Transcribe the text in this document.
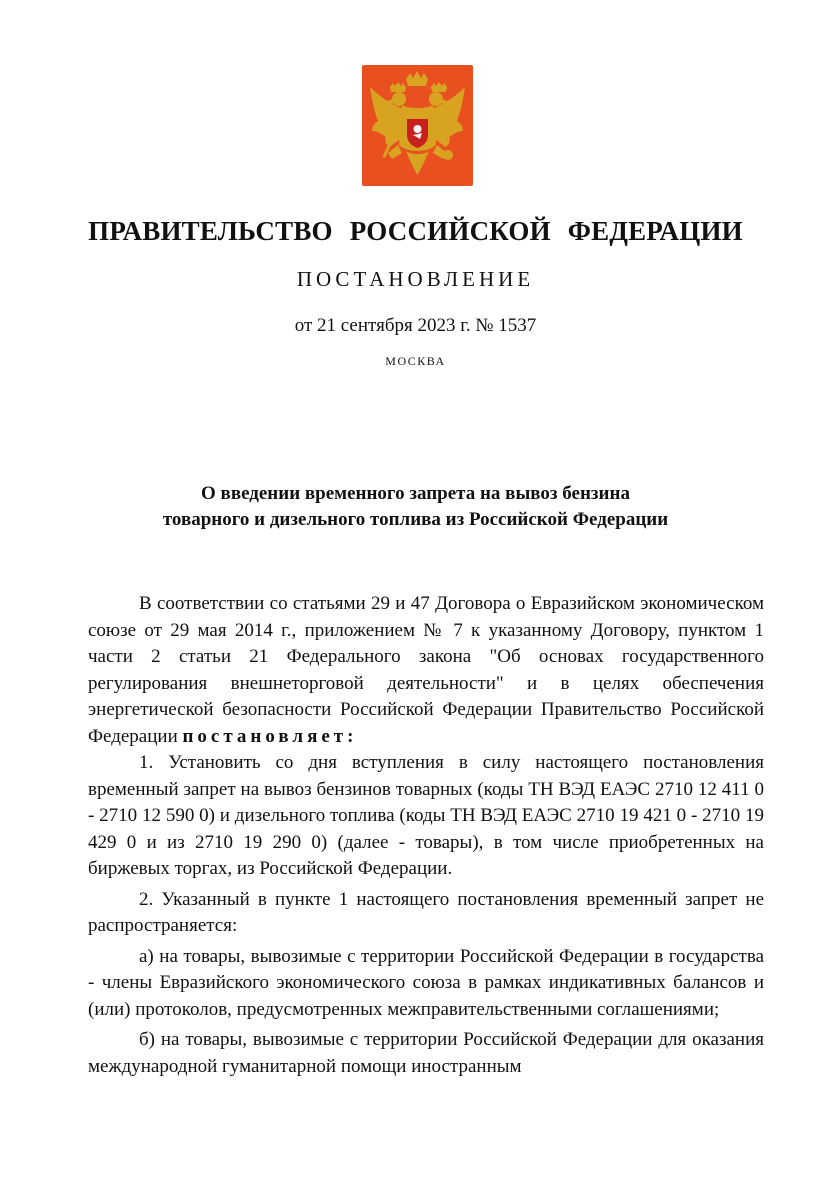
ПРАВИТЕЛЬСТВО РОССИЙСКОЙ ФЕДЕРАЦИИ
ПОСТАНОВЛЕНИЕ
от 21 сентября 2023 г. № 1537
МОСКВА
О введении временного запрета на вывоз бензина
товарного и дизельного топлива из Российской Федерации

В соответствии со статьями 29 и 47 Договора о Евразийском экономическом союзе от 29 мая 2014 г., приложением № 7 к указанному Договору, пунктом 1 части 2 статьи 21 Федерального закона "Об основах государственного регулирования внешнеторговой деятельности" и в целях обеспечения энергетической безопасности Российской Федерации Правительство Российской Федерации постановляет:

1. Установить со дня вступления в силу настоящего постановления временный запрет на вывоз бензинов товарных (коды ТН ВЭД ЕАЭС 2710 12 411 0 - 2710 12 590 0) и дизельного топлива (коды ТН ВЭД ЕАЭС 2710 19 421 0 - 2710 19 429 0 и из 2710 19 290 0) (далее - товары), в том числе приобретенных на биржевых торгах, из Российской Федерации.

2. Указанный в пункте 1 настоящего постановления временный запрет не распространяется:

а) на товары, вывозимые с территории Российской Федерации в государства - члены Евразийского экономического союза в рамках индикативных балансов и (или) протоколов, предусмотренных межправительственными соглашениями;

б) на товары, вывозимые с территории Российской Федерации для оказания международной гуманитарной помощи иностранным
